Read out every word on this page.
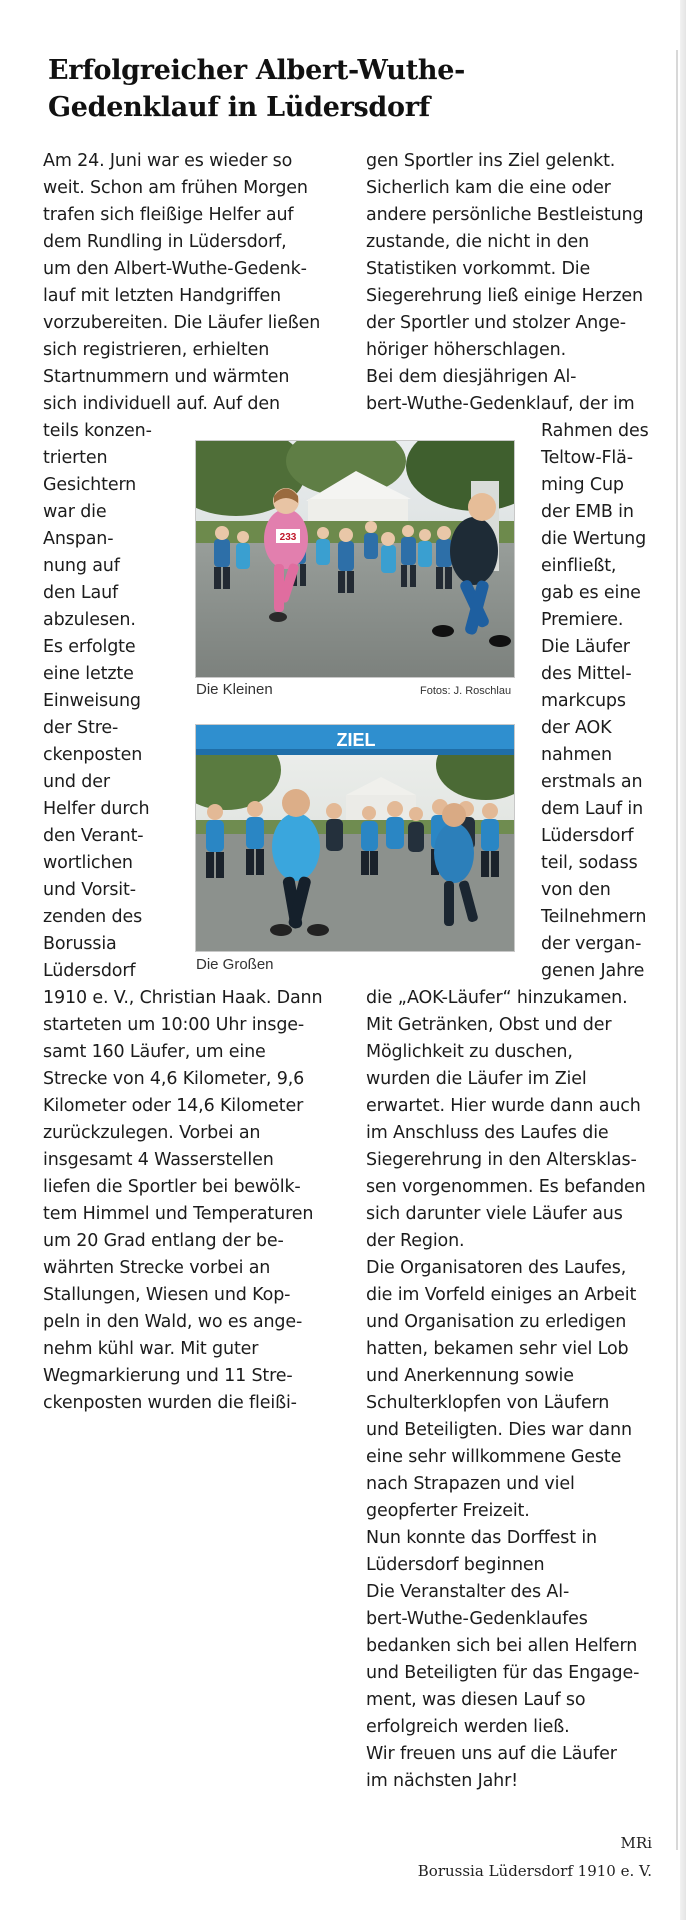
Erfolgreicher Albert-Wuthe-
Gedenklauf in Lüdersdorf

Am 24. Juni war es wieder so

weit. Schon am frühen Morgen

trafen sich fleißige Helfer auf

dem Rundling in Lüdersdorf,

um den Albert-Wuthe-Gedenk-

lauf mit letzten Handgriffen

vorzubereiten. Die Läufer ließen

sich registrieren, erhielten

Startnummern und wärmten

sich individuell auf. Auf den

teils konzen-

trierten

Gesichtern

war die

Anspan-

nung auf

den Lauf

abzulesen.

Es erfolgte

eine letzte

Einweisung

der Stre-

ckenposten

und der

Helfer durch

den Verant-

wortlichen

und Vorsit-

zenden des

Borussia

Lüdersdorf

1910 e. V., Christian Haak. Dann

starteten um 10:00 Uhr insge-

samt 160 Läufer, um eine

Strecke von 4,6 Kilometer, 9,6

Kilometer oder 14,6 Kilometer

zurückzulegen. Vorbei an

insgesamt 4 Wasserstellen

liefen die Sportler bei bewölk-

tem Himmel und Temperaturen

um 20 Grad entlang der be-

währten Strecke vorbei an

Stallungen, Wiesen und Kop-

peln in den Wald, wo es ange-

nehm kühl war. Mit guter

Wegmarkierung und 11 Stre-

ckenposten wurden die fleißi-

gen Sportler ins Ziel gelenkt.

Sicherlich kam die eine oder

andere persönliche Bestleistung

zustande, die nicht in den

Statistiken vorkommt. Die

Siegerehrung ließ einige Herzen

der Sportler und stolzer Ange-

höriger höherschlagen.

Bei dem diesjährigen Al-

bert-Wuthe-Gedenklauf, der im

Rahmen des

Teltow-Flä-

ming Cup

der EMB in

die Wertung

einfließt,

gab es eine

Premiere.

Die Läufer

des Mittel-

markcups

der AOK

nahmen

erstmals an

dem Lauf in

Lüdersdorf

teil, sodass

von den

Teilnehmern

der vergan-

genen Jahre

die „AOK-Läufer“ hinzukamen.

Mit Getränken, Obst und der

Möglichkeit zu duschen,

wurden die Läufer im Ziel

erwartet. Hier wurde dann auch

im Anschluss des Laufes die

Siegerehrung in den Altersklas-

sen vorgenommen. Es befanden

sich darunter viele Läufer aus

der Region.

Die Organisatoren des Laufes,

die im Vorfeld einiges an Arbeit

und Organisation zu erledigen

hatten, bekamen sehr viel Lob

und Anerkennung sowie

Schulterklopfen von Läufern

und Beteiligten. Dies war dann

eine sehr willkommene Geste

nach Strapazen und viel

geopferter Freizeit.

Nun konnte das Dorffest in

Lüdersdorf beginnen

Die Veranstalter des Al-

bert-Wuthe-Gedenklaufes

bedanken sich bei allen Helfern

und Beteiligten für das Engage-

ment, was diesen Lauf so

erfolgreich werden ließ.

Wir freuen uns auf die Läufer

im nächsten Jahr!

233

Die Kleinen	Fotos: J. Roschlau

ZIEL

Die Großen

MRi

Borussia Lüdersdorf 1910 e. V.
